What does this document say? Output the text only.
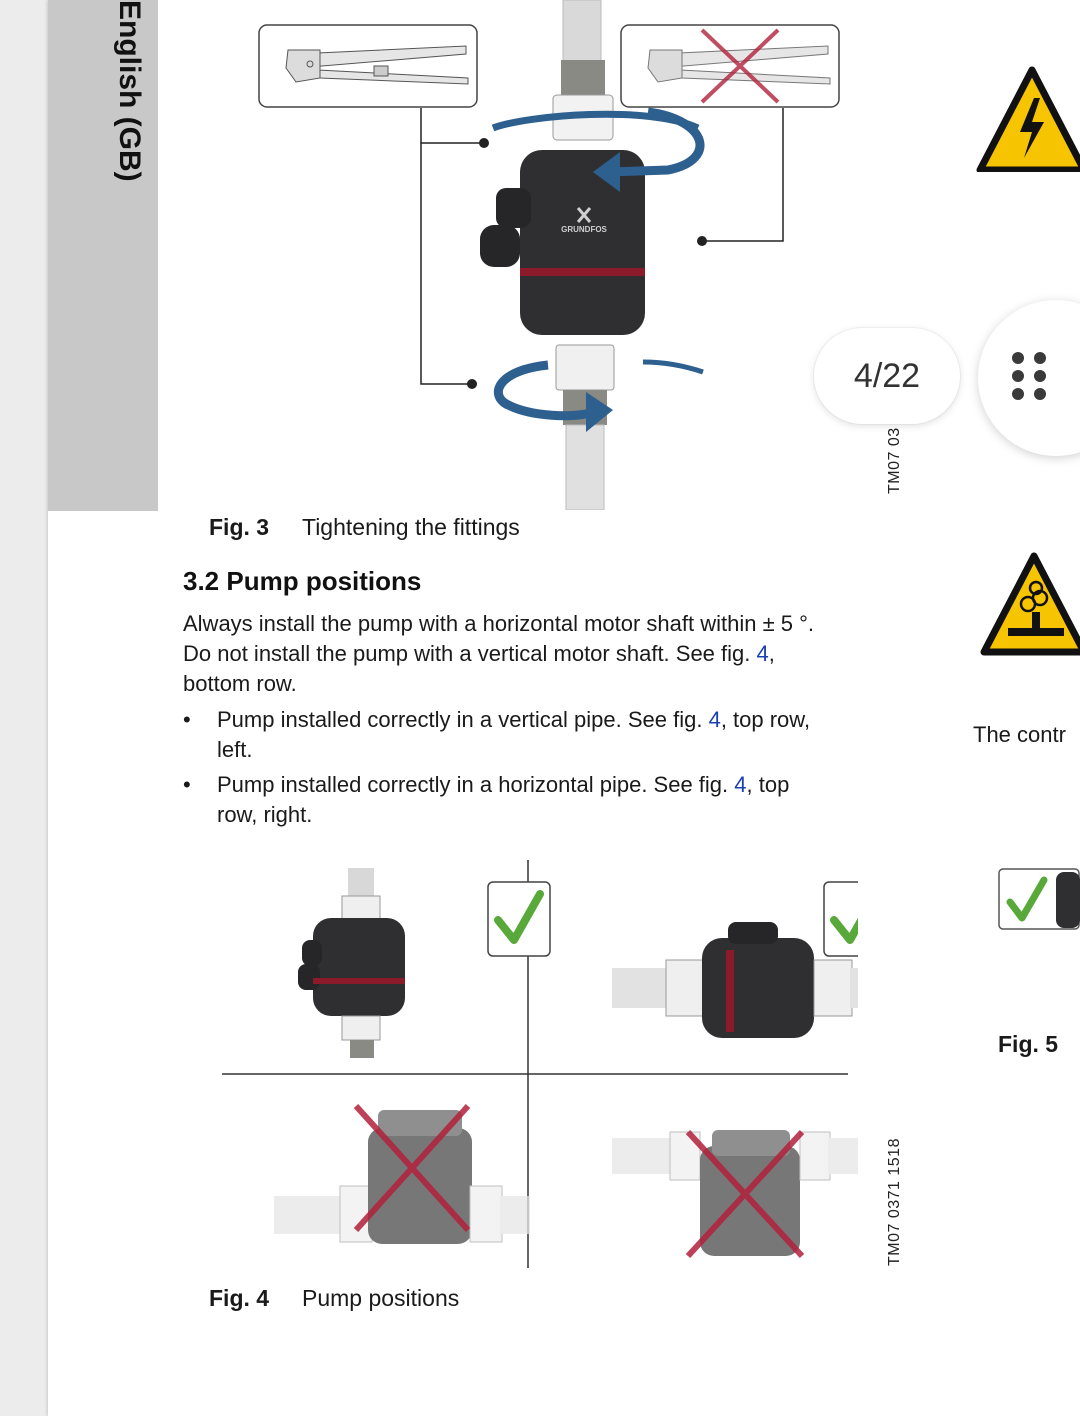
English (GB)
GRUNDFOS
TM07 03
Fig. 3 Tightening the fittings
3.2 Pump positions

Always install the pump with a horizontal motor shaft within ± 5 °.
Do not install the pump with a vertical motor shaft. See fig. 4,
bottom row.

•	Pump installed correctly in a vertical pipe. See fig. 4, top row,
left.
•	Pump installed correctly in a horizontal pipe. See fig. 4, top
row, right.
TM07 0371 1518
Fig. 4 Pump positions
The contr
Fig. 5
4/22
